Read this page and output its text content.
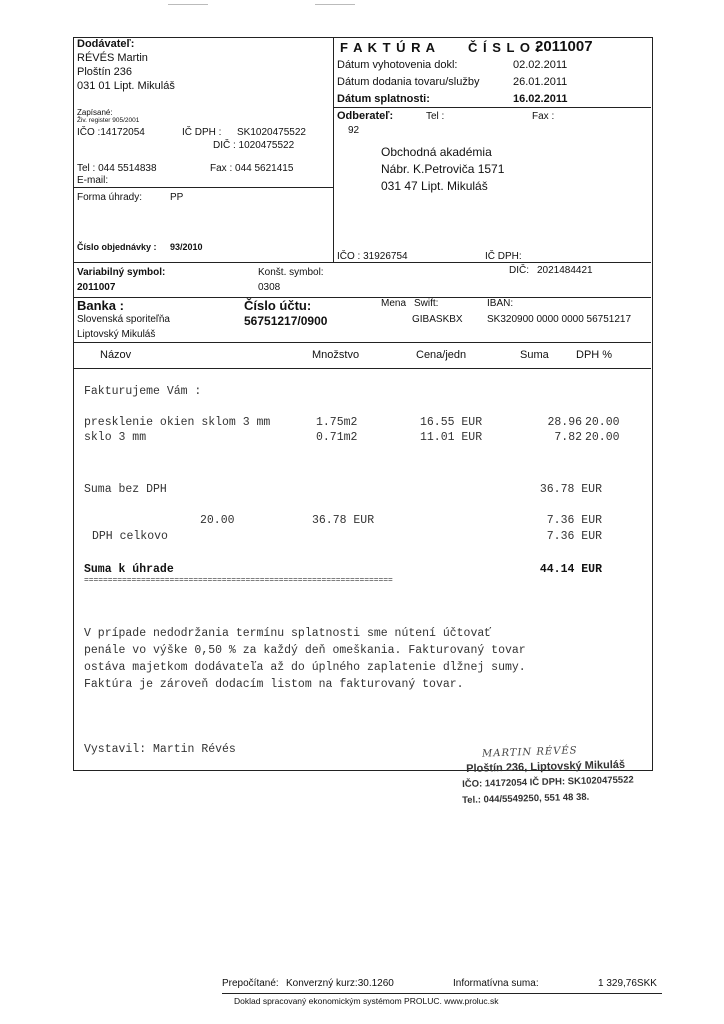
Dodávateľ:
RÉVÉS Martin
Ploštín 236
031 01 Lipt. Mikuláš
Zapísané:
Živ. register 905/2001
IČO :14172054	IČ DPH : SK1020475522
DIČ : 1020475522
Tel : 044 5514838	Fax : 044 5621415
E-mail:
Forma úhrady:	PP
Číslo objednávky : 93/2010
F A K T Ú R A Č Í S L O :
2011007
Dátum vyhotovenia dokl:	02.02.2011
Dátum dodania tovaru/služby	26.01.2011
Dátum splatnosti:	16.02.2011
Odberateľ:	Tel :	Fax :
92
Obchodná akadémia
Nábr. K.Petroviča 1571
031 47 Lipt. Mikuláš
IČO : 31926754	IČ DPH:
DIČ: 2021484421
Variabilný symbol:
2011007
Konšt. symbol:
0308
Banka :
Slovenská sporiteľňa
Liptovský Mikuláš
Číslo účtu:
56751217/0900
Mena Swift:
GIBASKBX
IBAN:
SK320900 0000 0000 56751217
Názov	Množstvo	Cena/jedn	Suma DPH %
Fakturujeme Vám :
presklenie okien sklom 3 mm	1.75m2	16.55 EUR	28.96 20.00
sklo 3 mm	0.71m2	11.01 EUR	7.82 20.00
Suma bez DPH	36.78 EUR
20.00	36.78 EUR	7.36 EUR
DPH celkovo	7.36 EUR
Suma k úhrade	44.14 EUR
=================================================================
V prípade nedodržania termínu splatnosti sme nútení účtovať
penále vo výške 0,50 % za každý deň omeškania. Fakturovaný tovar
ostáva majetkom dodávateľa až do úplného zaplatenie dlžnej sumy.
Faktúra je zároveň dodacím listom na fakturovaný tovar.
Vystavil: Martin Révés	MARTIN RÉVÉS
Ploštín 236, Liptovský Mikuláš
IČO: 14172054 IČ DPH: SK1020475522
Tel.: 044/5549250, 551 48 38.
Prepočítané: Konverzný kurz:30.1260	Informatívna suma:	1 329,76SKK
Doklad spracovaný ekonomickým systémom PROLUC. www.proluc.sk
